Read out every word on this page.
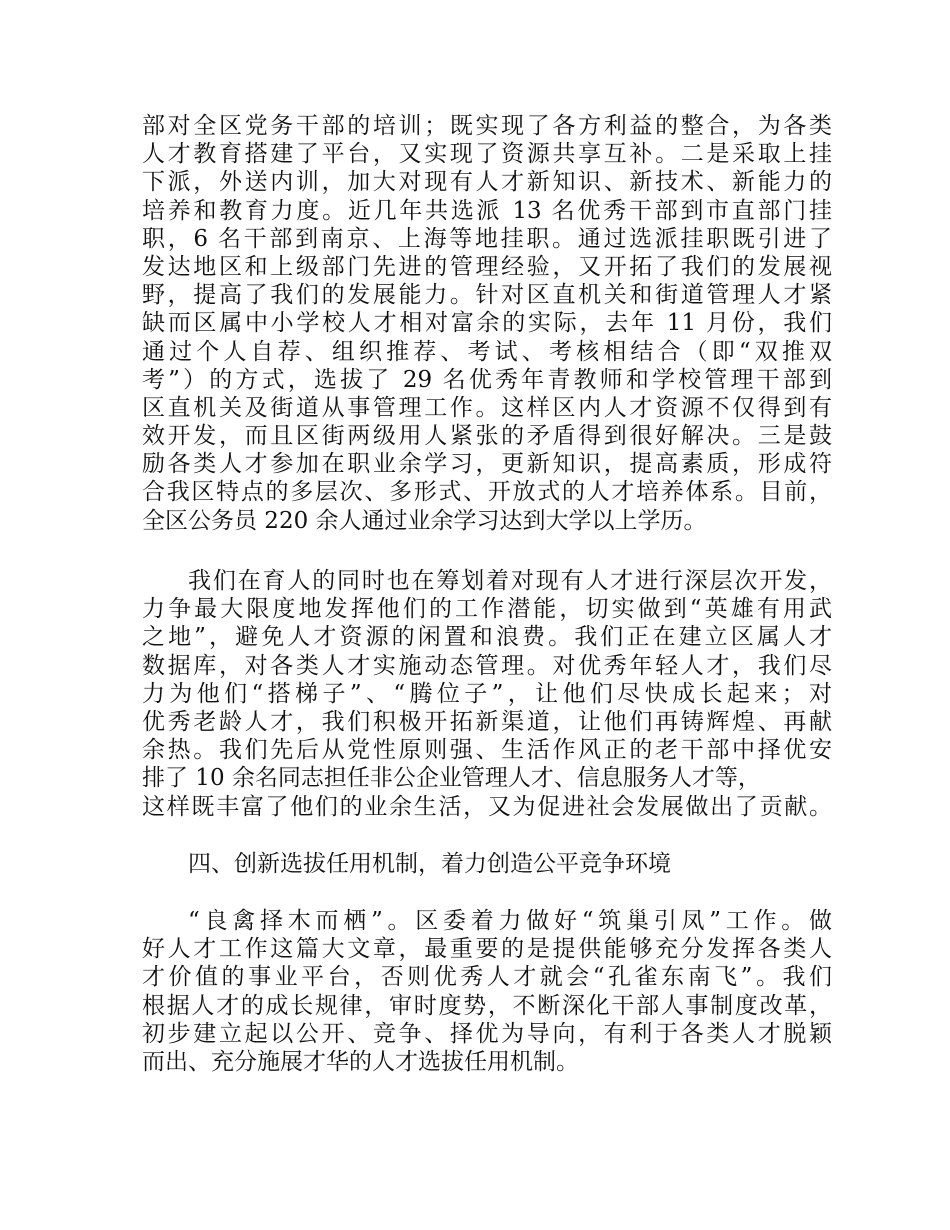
部对全区党务干部的培训；既实现了各方利益的整合，为各类
人才教育搭建了平台，又实现了资源共享互补。二是采取上挂
下派，外送内训，加大对现有人才新知识、新技术、新能力的
培养和教育力度。近几年共选派 13 名优秀干部到市直部门挂
职，6 名干部到南京、上海等地挂职。通过选派挂职既引进了
发达地区和上级部门先进的管理经验，又开拓了我们的发展视
野，提高了我们的发展能力。针对区直机关和街道管理人才紧
缺而区属中小学校人才相对富余的实际，去年 11 月份，我们
通过个人自荐、组织推荐、考试、考核相结合（即“双推双
考”）的方式，选拔了 29 名优秀年青教师和学校管理干部到
区直机关及街道从事管理工作。这样区内人才资源不仅得到有
效开发，而且区街两级用人紧张的矛盾得到很好解决。三是鼓
励各类人才参加在职业余学习，更新知识，提高素质，形成符
合我区特点的多层次、多形式、开放式的人才培养体系。目前，
全区公务员 220 余人通过业余学习达到大学以上学历。
我们在育人的同时也在筹划着对现有人才进行深层次开发，
力争最大限度地发挥他们的工作潜能，切实做到“英雄有用武
之地”，避免人才资源的闲置和浪费。我们正在建立区属人才
数据库，对各类人才实施动态管理。对优秀年轻人才，我们尽
力为他们“搭梯子”、“腾位子”，让他们尽快成长起来；对
优秀老龄人才，我们积极开拓新渠道，让他们再铸辉煌、再献
余热。我们先后从党性原则强、生活作风正的老干部中择优安
排了 10 余名同志担任非公企业管理人才、信息服务人才等，
这样既丰富了他们的业余生活，又为促进社会发展做出了贡献。
四、创新选拔任用机制，着力创造公平竞争环境
“良禽择木而栖”。区委着力做好“筑巢引凤”工作。做
好人才工作这篇大文章，最重要的是提供能够充分发挥各类人
才价值的事业平台，否则优秀人才就会“孔雀东南飞”。我们
根据人才的成长规律，审时度势，不断深化干部人事制度改革，
初步建立起以公开、竞争、择优为导向，有利于各类人才脱颖
而出、充分施展才华的人才选拔任用机制。
